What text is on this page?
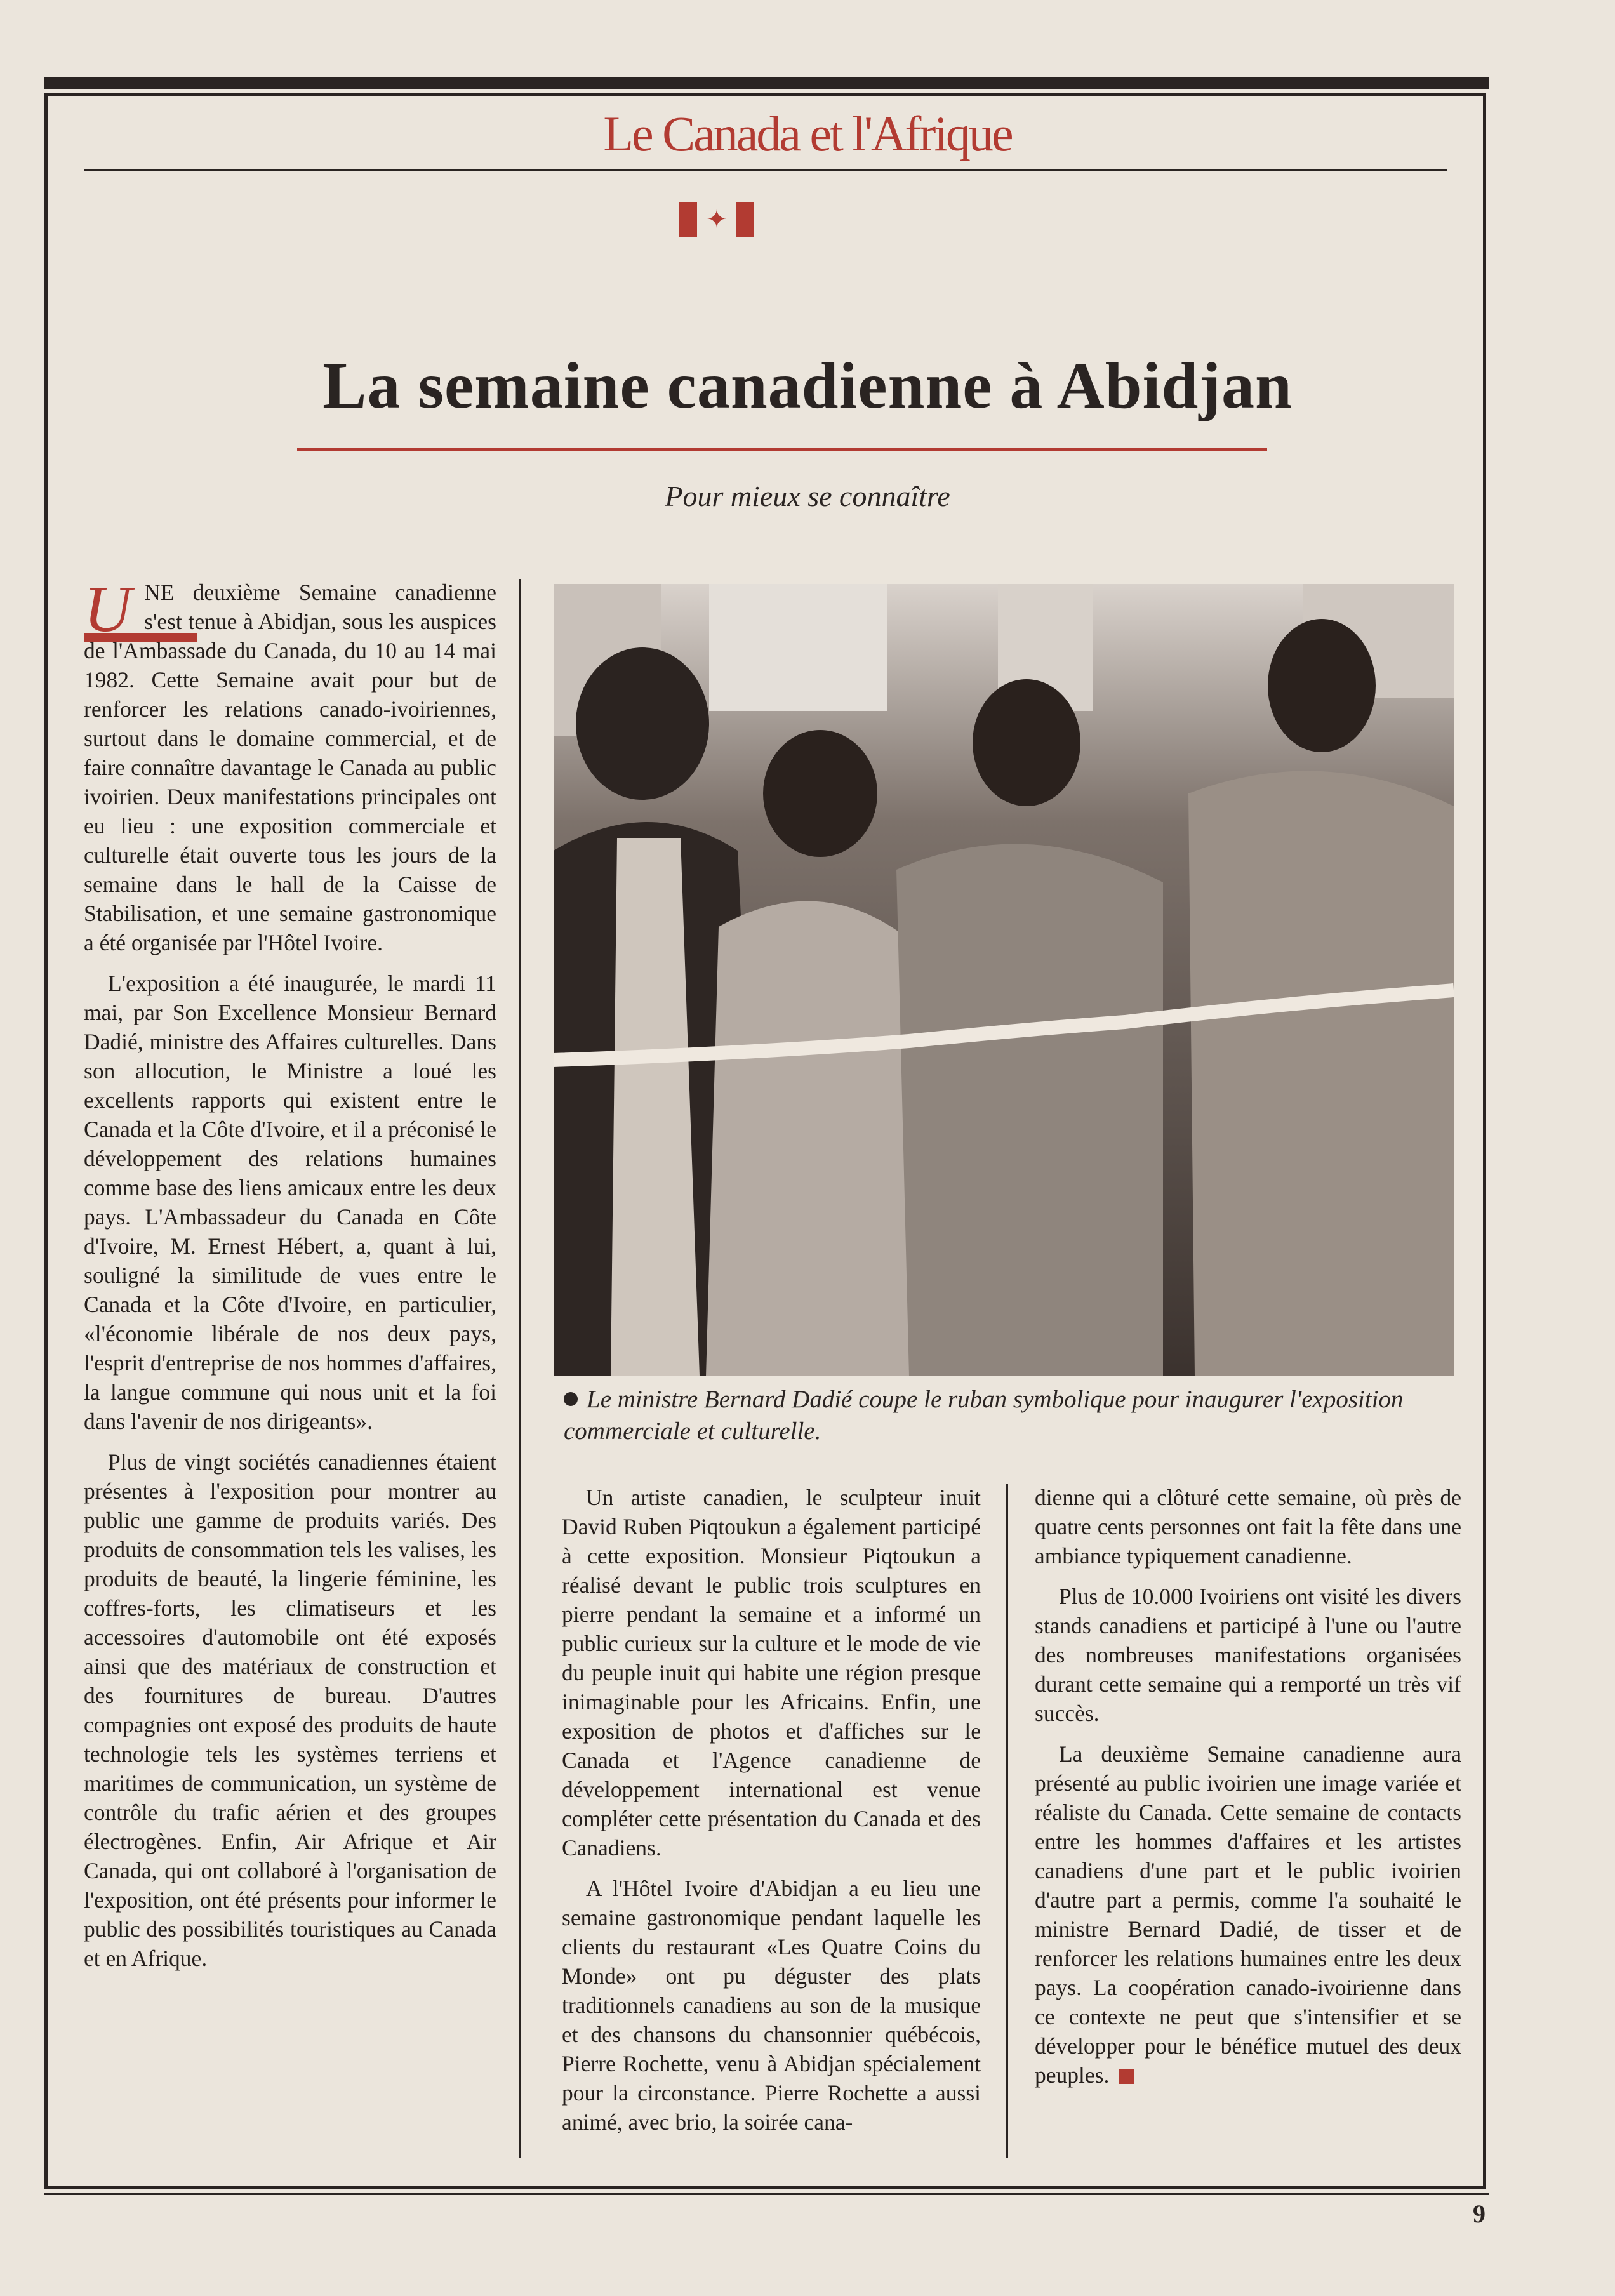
Le Canada et l'Afrique
✦
La semaine canadienne à Abidjan
Pour mieux se connaître

UNE deuxième Semaine canadienne s'est tenue à Abidjan, sous les auspices de l'Ambassade du Canada, du 10 au 14 mai 1982. Cette Semaine avait pour but de renforcer les relations canado-ivoiriennes, surtout dans le domaine commercial, et de faire connaître davantage le Canada au public ivoirien. Deux manifestations principales ont eu lieu : une exposition commerciale et culturelle était ouverte tous les jours de la semaine dans le hall de la Caisse de Stabilisation, et une semaine gastronomique a été organisée par l'Hôtel Ivoire.

L'exposition a été inaugurée, le mardi 11 mai, par Son Excellence Monsieur Bernard Dadié, ministre des Affaires culturelles. Dans son allocution, le Ministre a loué les excellents rapports qui existent entre le Canada et la Côte d'Ivoire, et il a préconisé le développement des relations humaines comme base des liens amicaux entre les deux pays. L'Ambassadeur du Canada en Côte d'Ivoire, M. Ernest Hébert, a, quant à lui, souligné la similitude de vues entre le Canada et la Côte d'Ivoire, en particulier, «l'économie libérale de nos deux pays, l'esprit d'entreprise de nos hommes d'affaires, la langue commune qui nous unit et la foi dans l'avenir de nos dirigeants».

Plus de vingt sociétés canadiennes étaient présentes à l'exposition pour montrer au public une gamme de produits variés. Des produits de consommation tels les valises, les produits de beauté, la lingerie féminine, les coffres-forts, les climatiseurs et les accessoires d'automobile ont été exposés ainsi que des matériaux de construction et des fournitures de bureau. D'autres compagnies ont exposé des produits de haute technologie tels les systèmes terriens et maritimes de communication, un système de contrôle du trafic aérien et des groupes électrogènes. Enfin, Air Afrique et Air Canada, qui ont collaboré à l'organisation de l'exposition, ont été présents pour informer le public des possibilités touristiques au Canada et en Afrique.

Le ministre Bernard Dadié coupe le ruban symbolique pour inaugurer l'exposition commerciale et culturelle.

Un artiste canadien, le sculpteur inuit David Ruben Piqtoukun a également participé à cette exposition. Monsieur Piqtoukun a réalisé devant le public trois sculptures en pierre pendant la semaine et a informé un public curieux sur la culture et le mode de vie du peuple inuit qui habite une région presque inimaginable pour les Africains. Enfin, une exposition de photos et d'affiches sur le Canada et l'Agence canadienne de développement international est venue compléter cette présentation du Canada et des Canadiens.

A l'Hôtel Ivoire d'Abidjan a eu lieu une semaine gastronomique pendant laquelle les clients du restaurant «Les Quatre Coins du Monde» ont pu déguster des plats traditionnels canadiens au son de la musique et des chansons du chansonnier québécois, Pierre Rochette, venu à Abidjan spécialement pour la circonstance. Pierre Rochette a aussi animé, avec brio, la soirée cana-

dienne qui a clôturé cette semaine, où près de quatre cents personnes ont fait la fête dans une ambiance typiquement canadienne.

Plus de 10.000 Ivoiriens ont visité les divers stands canadiens et participé à l'une ou l'autre des nombreuses manifestations organisées durant cette semaine qui a remporté un très vif succès.

La deuxième Semaine canadienne aura présenté au public ivoirien une image variée et réaliste du Canada. Cette semaine de contacts entre les hommes d'affaires et les artistes canadiens d'une part et le public ivoirien d'autre part a permis, comme l'a souhaité le ministre Bernard Dadié, de tisser et de renforcer les relations humaines entre les deux pays. La coopération canado-ivoirienne dans ce contexte ne peut que s'intensifier et se développer pour le bénéfice mutuel des deux peuples.

9
